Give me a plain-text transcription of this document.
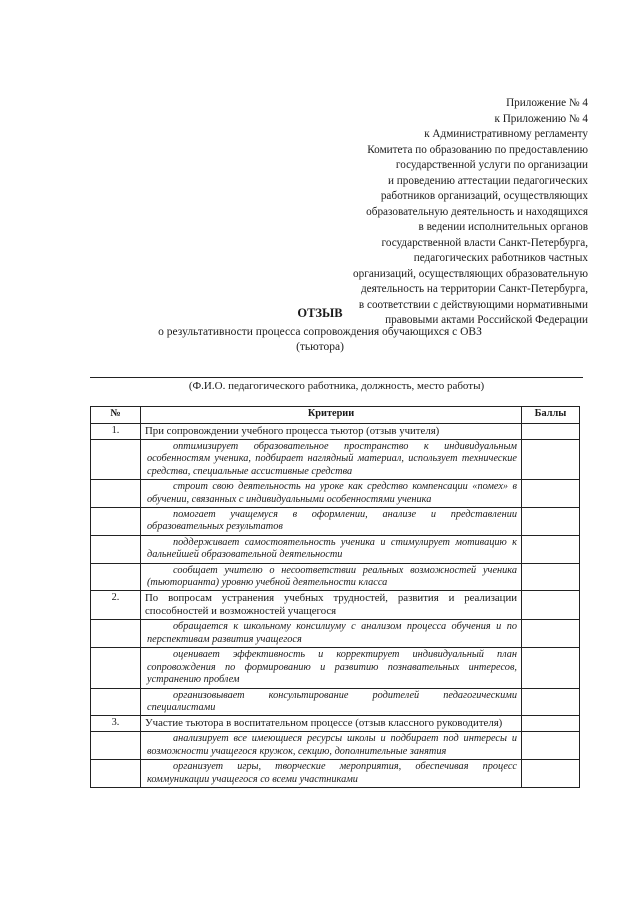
Приложение № 4
к Приложению № 4
к Административному регламенту
Комитета по образованию по предоставлению
государственной услуги по организации
и проведению аттестации педагогических
работников организаций, осуществляющих
образовательную деятельность и находящихся
в ведении исполнительных органов
государственной власти Санкт-Петербурга,
педагогических работников частных
организаций, осуществляющих образовательную
деятельность на территории Санкт-Петербурга,
в соответствии с действующими нормативными
правовыми актами Российской Федерации
ОТЗЫВ
о результативности процесса сопровождения обучающихся с ОВЗ
(тьютора)
(Ф.И.О. педагогического работника, должность, место работы)
№	Критерии	Баллы
1.	При сопровождении учебного процесса тьютор (отзыв учителя)	
	оптимизирует образовательное пространство к индивидуальным особенностям ученика, подбирает наглядный материал, использует технические средства, специальные ассистивные средства	
	строит свою деятельность на уроке как средство компенсации «помех» в обучении, связанных с индивидуальными особенностями ученика	
	помогает учащемуся в оформлении, анализе и представлении образовательных результатов	
	поддерживает самостоятельность ученика и стимулирует мотивацию к дальнейшей образовательной деятельности	
	сообщает учителю о несоответствии реальных возможностей ученика (тьюторианта) уровню учебной деятельности класса	
2.	По вопросам устранения учебных трудностей, развития и реализации способностей и возможностей учащегося	
	обращается к школьному консилиуму с анализом процесса обучения и по перспективам развития учащегося	
	оценивает эффективность и корректирует индивидуальный план сопровождения по формированию и развитию познавательных интересов, устранению проблем	
	организовывает консультирование родителей педагогическими специалистами	
3.	Участие тьютора в воспитательном процессе (отзыв классного руководителя)	
	анализирует все имеющиеся ресурсы школы и подбирает под интересы и возможности учащегося кружок, секцию, дополнительные занятия	
	организует игры, творческие мероприятия, обеспечивая процесс коммуникации учащегося со всеми участниками	
